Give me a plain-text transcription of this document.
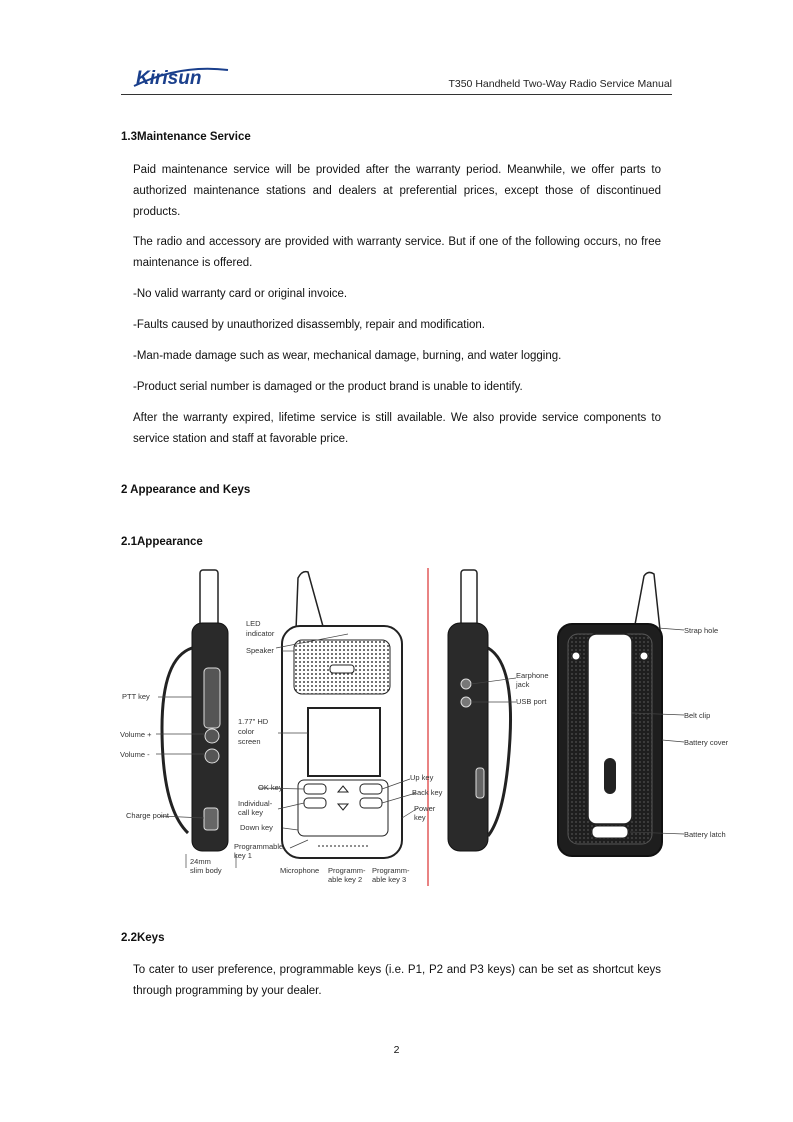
Kirisun	T350 Handheld Two-Way Radio Service Manual
1.3Maintenance Service
Paid maintenance service will be provided after the warranty period. Meanwhile, we offer parts to authorized maintenance stations and dealers at preferential prices, except those of discontinued products.
The radio and accessory are provided with warranty service. But if one of the following occurs, no free maintenance is offered.
-No valid warranty card or original invoice.
-Faults caused by unauthorized disassembly, repair and modification.
-Man-made damage such as wear, mechanical damage, burning, and water logging.
-Product serial number is damaged or the product brand is unable to identify.
After the warranty expired, lifetime service is still available. We also provide service components to service station and staff at favorable price.
2 Appearance and Keys
2.1Appearance
PTT key
Volume +
Volume -
Charge point
24mm
slim body
LED
indicator
Speaker
1.77" HD
color
screen
OK key
Individual-
call key
Down key
Programmable
key 1
Microphone Programm-
able key 2
Programm-
able key 3
Up key
Back key
Power
key
Earphone
jack
USB port
Strap hole
Belt clip
Battery cover
Battery latch
2.2Keys
To cater to user preference, programmable keys (i.e. P1, P2 and P3 keys) can be set as shortcut keys through programming by your dealer.
2
